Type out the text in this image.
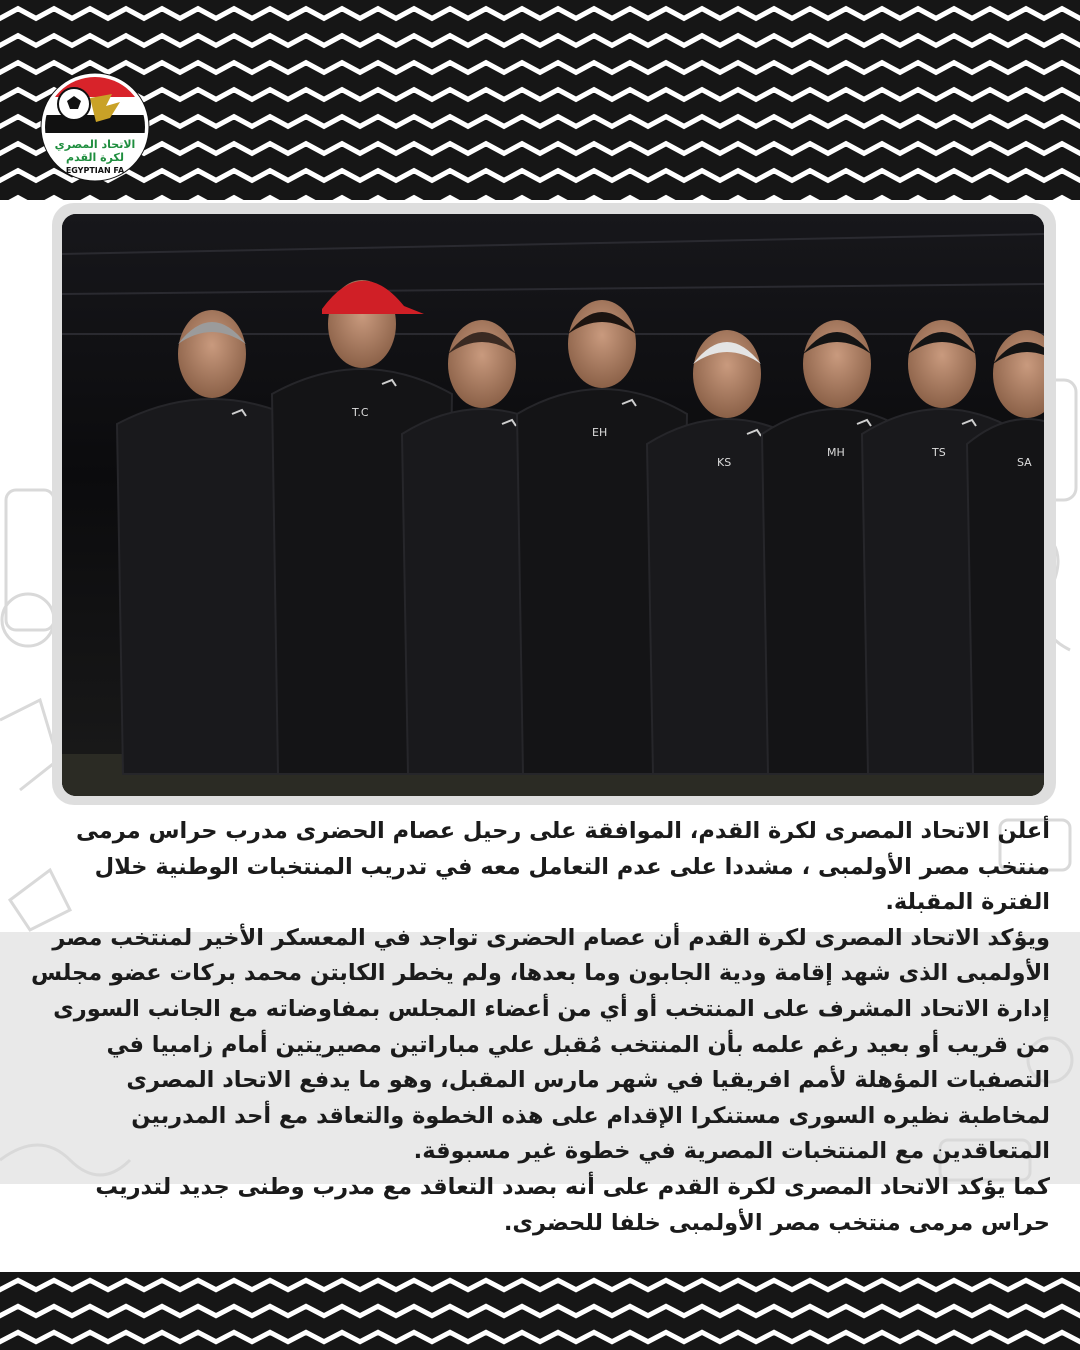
الاتحاد المصري
لكرة القدم
EGYPTIAN FA
T.C
EH
KS
MH	TS
SA

أعلن الاتحاد المصرى لكرة القدم، الموافقة على رحيل عصام الحضرى مدرب حراس مرمى منتخب مصر الأولمبى ، مشددا على عدم التعامل معه في تدريب المنتخبات الوطنية خلال الفترة المقبلة.

ويؤكد الاتحاد المصرى لكرة القدم أن عصام الحضرى تواجد في المعسكر الأخير لمنتخب مصر الأولمبى الذى شهد إقامة ودية الجابون وما بعدها، ولم يخطر الكابتن محمد بركات عضو مجلس إدارة الاتحاد المشرف على المنتخب أو أي من أعضاء المجلس بمفاوضاته مع الجانب السورى من قريب أو بعيد رغم علمه بأن المنتخب مُقبل علي مباراتين مصيريتين أمام زامبيا في التصفيات المؤهلة لأمم افريقيا في شهر مارس المقبل، وهو ما يدفع الاتحاد المصرى لمخاطبة نظيره السورى مستنكرا الإقدام على هذه الخطوة والتعاقد مع أحد المدربين المتعاقدين مع المنتخبات المصرية في خطوة غير مسبوقة.

كما يؤكد الاتحاد المصرى لكرة القدم على أنه بصدد التعاقد مع مدرب وطنى جديد لتدريب حراس مرمى منتخب مصر الأولمبى خلفا للحضرى.
